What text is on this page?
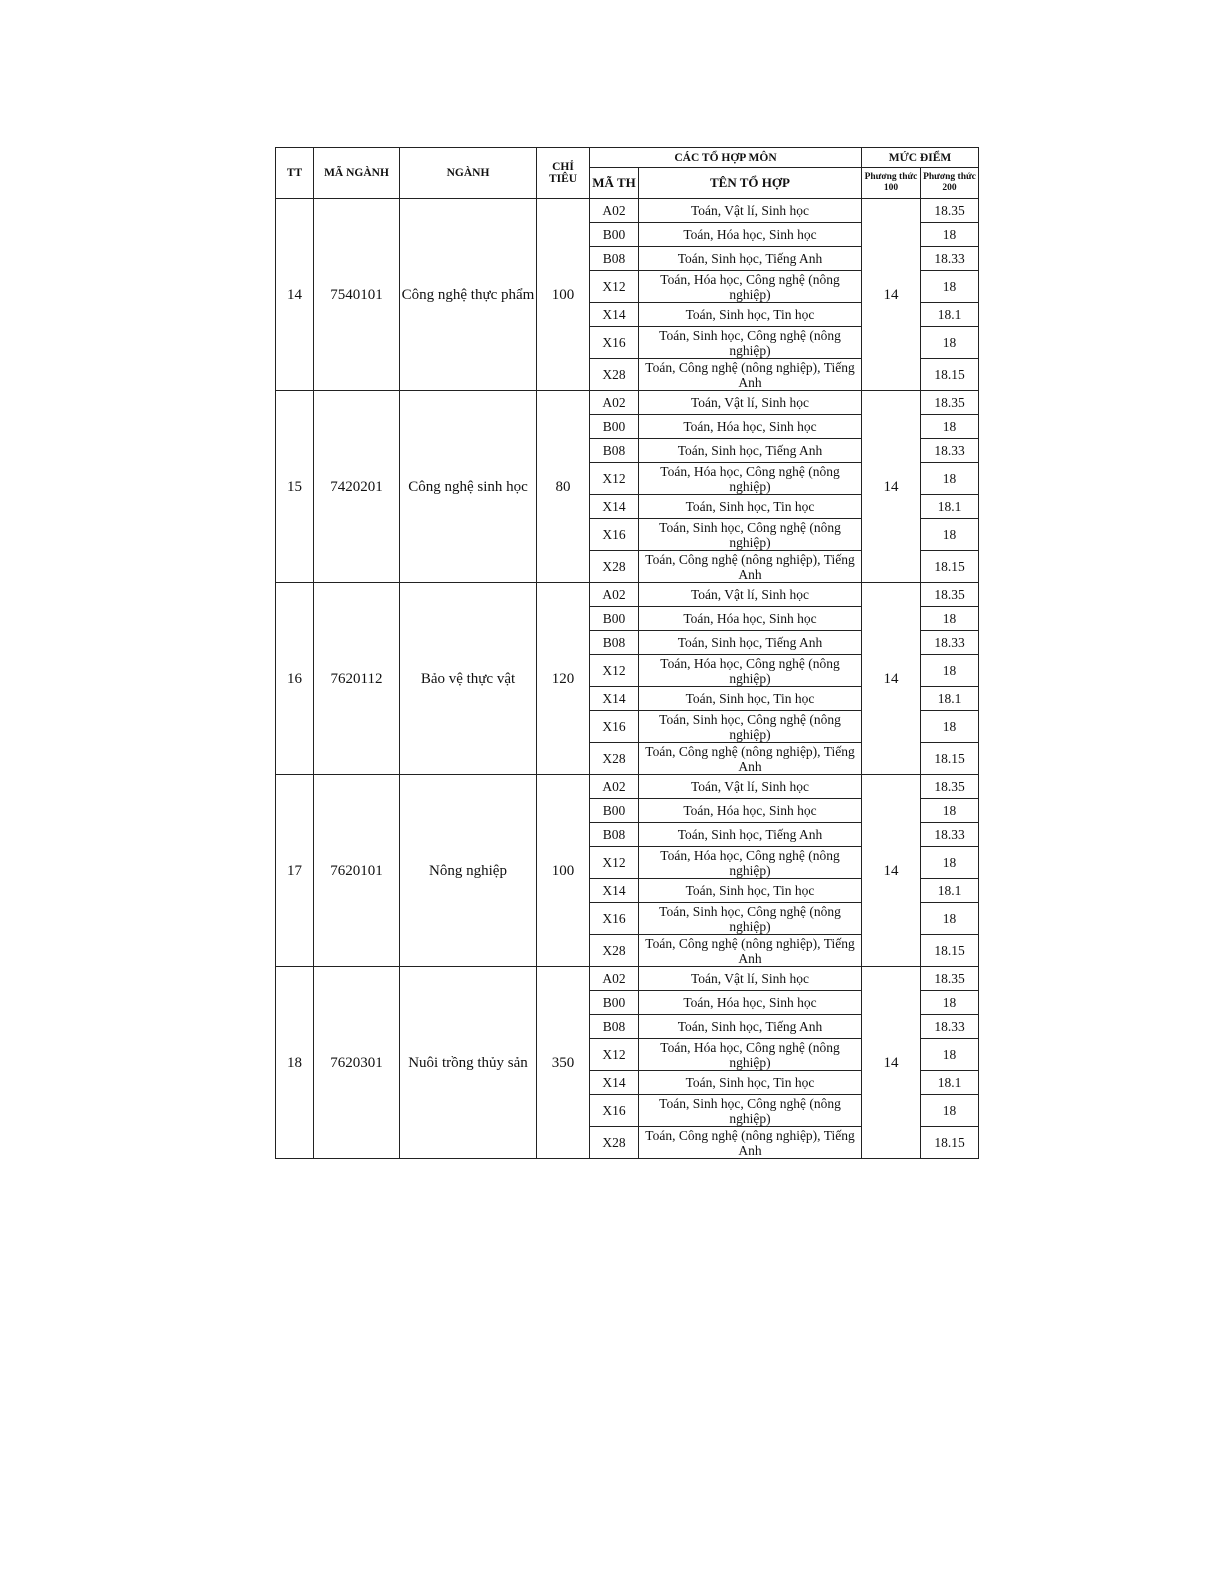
TT	MÃ NGÀNH	NGÀNH	CHỈ TIÊU	CÁC TỔ HỢP MÔN		MỨC ĐIỂM	
				MÃ TH	TÊN TỔ HỢP	Phương thức 100	Phương thức 200
14	7540101	Công nghệ thực phẩm	100	A02	Toán, Vật lí, Sinh học	14	18.35
				B00	Toán, Hóa học, Sinh học		18
				B08	Toán, Sinh học, Tiếng Anh		18.33
				X12	Toán, Hóa học, Công nghệ (nông nghiệp)		18
				X14	Toán, Sinh học, Tin học		18.1
				X16	Toán, Sinh học, Công nghệ (nông nghiệp)		18
				X28	Toán, Công nghệ (nông nghiệp), Tiếng Anh		18.15
15	7420201	Công nghệ sinh học	80	A02	Toán, Vật lí, Sinh học	14	18.35
				B00	Toán, Hóa học, Sinh học		18
				B08	Toán, Sinh học, Tiếng Anh		18.33
				X12	Toán, Hóa học, Công nghệ (nông nghiệp)		18
				X14	Toán, Sinh học, Tin học		18.1
				X16	Toán, Sinh học, Công nghệ (nông nghiệp)		18
				X28	Toán, Công nghệ (nông nghiệp), Tiếng Anh		18.15
16	7620112	Bảo vệ thực vật	120	A02	Toán, Vật lí, Sinh học	14	18.35
				B00	Toán, Hóa học, Sinh học		18
				B08	Toán, Sinh học, Tiếng Anh		18.33
				X12	Toán, Hóa học, Công nghệ (nông nghiệp)		18
				X14	Toán, Sinh học, Tin học		18.1
				X16	Toán, Sinh học, Công nghệ (nông nghiệp)		18
				X28	Toán, Công nghệ (nông nghiệp), Tiếng Anh		18.15
17	7620101	Nông nghiệp	100	A02	Toán, Vật lí, Sinh học	14	18.35
				B00	Toán, Hóa học, Sinh học		18
				B08	Toán, Sinh học, Tiếng Anh		18.33
				X12	Toán, Hóa học, Công nghệ (nông nghiệp)		18
				X14	Toán, Sinh học, Tin học		18.1
				X16	Toán, Sinh học, Công nghệ (nông nghiệp)		18
				X28	Toán, Công nghệ (nông nghiệp), Tiếng Anh		18.15
18	7620301	Nuôi trồng thủy sản	350	A02	Toán, Vật lí, Sinh học	14	18.35
				B00	Toán, Hóa học, Sinh học		18
				B08	Toán, Sinh học, Tiếng Anh		18.33
				X12	Toán, Hóa học, Công nghệ (nông nghiệp)		18
				X14	Toán, Sinh học, Tin học		18.1
				X16	Toán, Sinh học, Công nghệ (nông nghiệp)		18
				X28	Toán, Công nghệ (nông nghiệp), Tiếng Anh		18.15
